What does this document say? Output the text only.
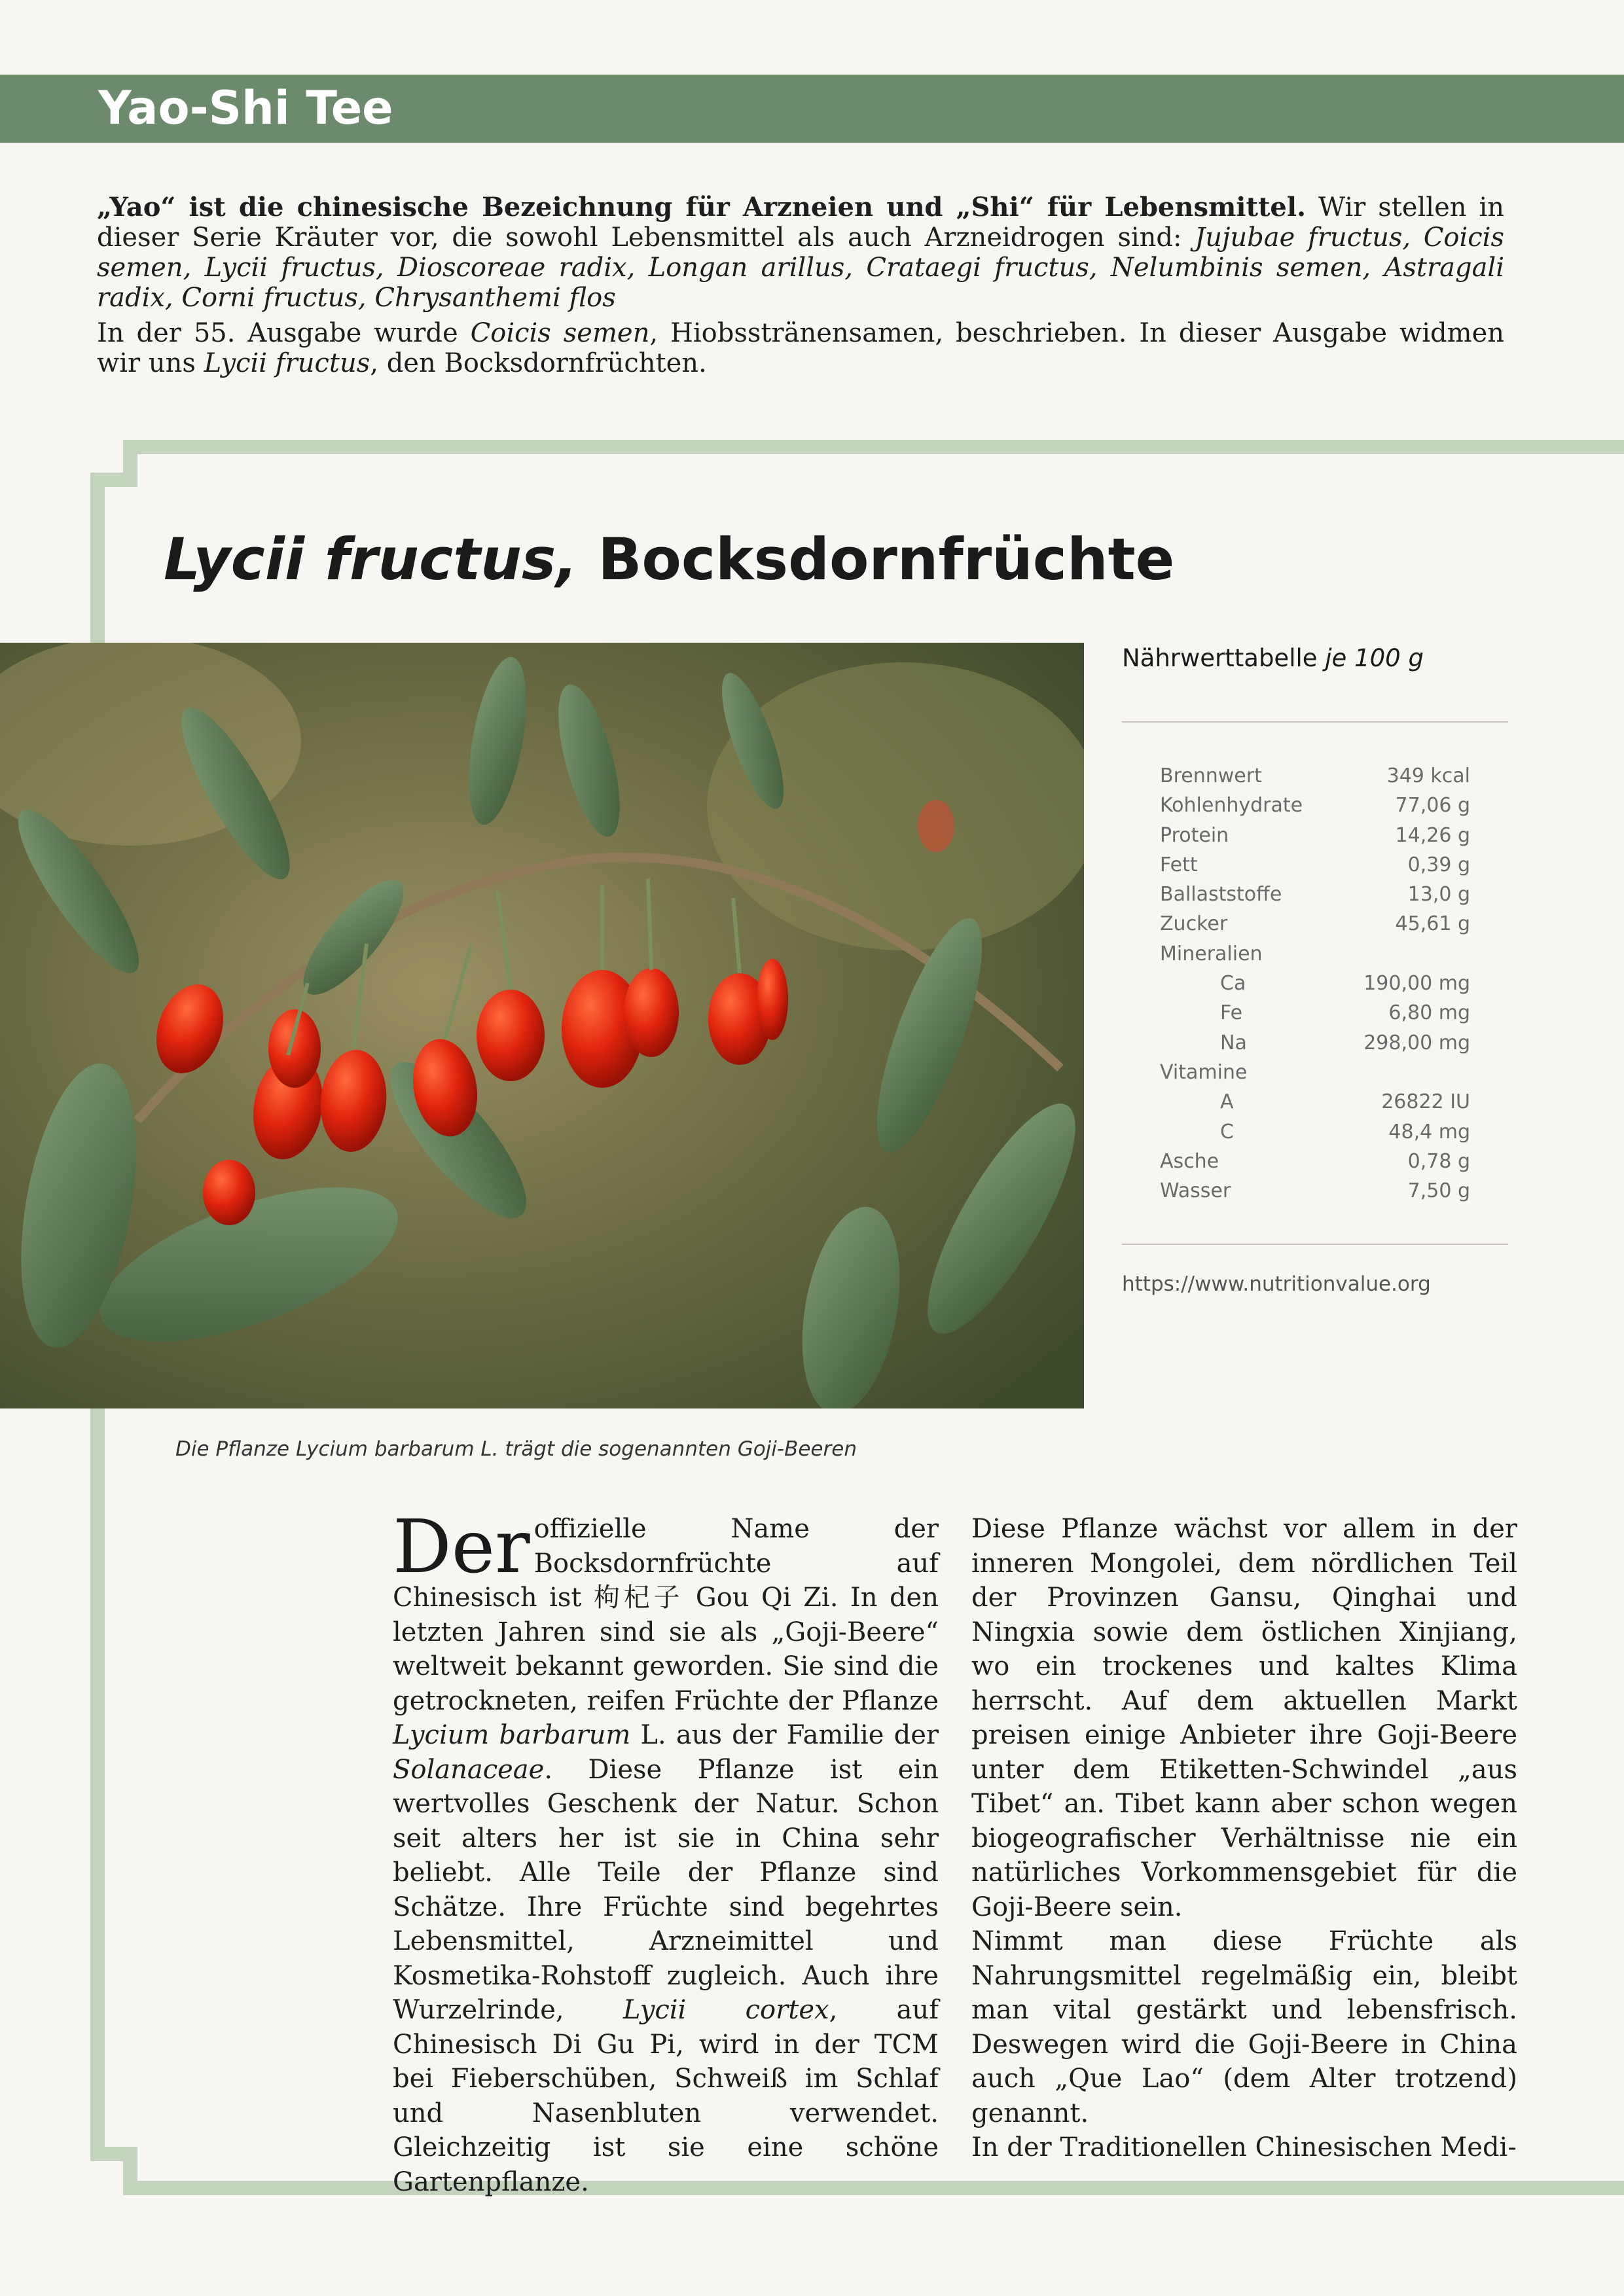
Yao-Shi Tee

„Yao“ ist die chinesische Bezeichnung für Arzneien und „Shi“ für Lebensmittel. Wir stellen in dieser Serie Kräuter vor, die sowohl Lebensmittel als auch Arzneidrogen sind: Jujubae fructus, Coicis semen, Lycii fructus, Dioscoreae radix, Longan arillus, Crataegi fructus, Nelumbinis semen, Astragali radix, Corni fructus, Chrysanthemi flos

In der 55. Ausgabe wurde Coicis semen, Hiobsstränensamen, beschrieben. In dieser Ausgabe widmen wir uns Lycii fructus, den Bocksdornfrüchten.

Lycii fructus, Bocksdornfrüchte
Die Pflanze Lycium barbarum L. trägt die sogenannten Goji-Beeren
Nährwerttabelle je 100 g
Brennwert	349 kcal
Kohlenhydrate	77,06 g
Protein	14,26 g
Fett	0,39 g
Ballaststoffe	13,0 g
Zucker	45,61 g
Mineralien
Ca	190,00 mg
Fe	6,80 mg
Na	298,00 mg
Vitamine
A	26822 IU
C	48,4 mg
Asche	0,78 g
Wasser	7,50 g
https://www.nutritionvalue.org

Der offizielle Name der Bocksdornfrüchte auf Chinesisch ist 枸杞子 Gou Qi Zi. In den letzten Jahren sind sie als „Goji-Beere“ weltweit bekannt geworden. Sie sind die getrockneten, reifen Früchte der Pflanze Lycium barbarum L. aus der Familie der Solanaceae. Diese Pflanze ist ein wertvolles Geschenk der Natur. Schon seit alters her ist sie in China sehr beliebt. Alle Teile der Pflanze sind Schätze. Ihre Früchte sind begehrtes Lebensmittel, Arzneimittel und Kosmetika-Rohstoff zugleich. Auch ihre Wurzelrinde, Lycii cortex, auf Chinesisch Di Gu Pi, wird in der TCM bei Fieberschüben, Schweiß im Schlaf und Nasenbluten verwendet. Gleichzeitig ist sie eine schöne Gartenpflanze.

Diese Pflanze wächst vor allem in der inneren Mongolei, dem nördlichen Teil der Provinzen Gansu, Qinghai und Ningxia sowie dem östlichen Xinjiang, wo ein trockenes und kaltes Klima herrscht. Auf dem aktuellen Markt preisen einige Anbieter ihre Goji-Beere unter dem Etiketten-Schwindel „aus Tibet“ an. Tibet kann aber schon wegen biogeografischer Verhältnisse nie ein natürliches Vorkommensgebiet für die Goji-Beere sein.

Nimmt man diese Früchte als Nahrungsmittel regelmäßig ein, bleibt man vital gestärkt und lebensfrisch. Deswegen wird die Goji-Beere in China auch „Que Lao“ (dem Alter trotzend) genannt.

In der Traditionellen Chinesischen Medi-
